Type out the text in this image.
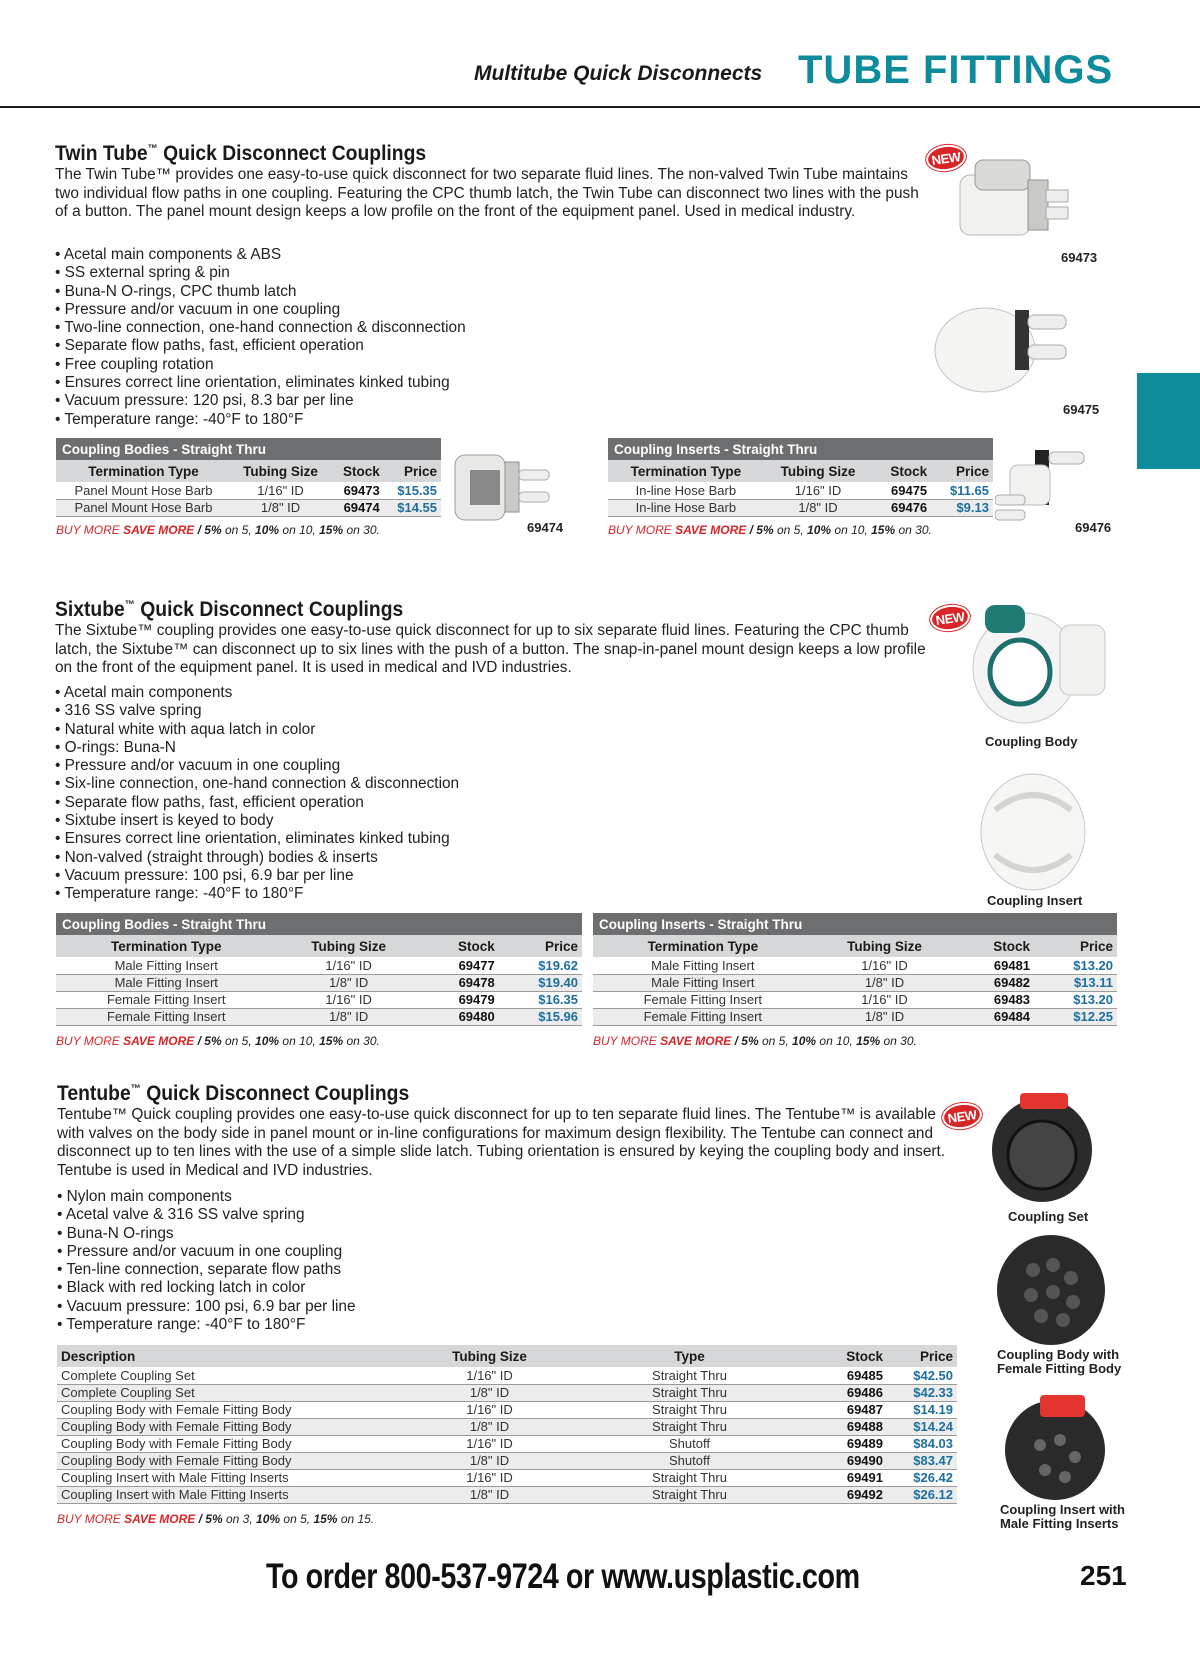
Multitube Quick Disconnects TUBE FITTINGS
Twin Tube™ Quick Disconnect Couplings
The Twin Tube™ provides one easy-to-use quick disconnect for two separate fluid lines. The non-valved Twin Tube maintains two individual flow paths in one coupling. Featuring the CPC thumb latch, the Twin Tube can disconnect two lines with the push of a button. The panel mount design keeps a low profile on the front of the equipment panel. Used in medical industry.
• Acetal main components & ABS
• SS external spring & pin
• Buna-N O-rings, CPC thumb latch
• Pressure and/or vacuum in one coupling
• Two-line connection, one-hand connection & disconnection
• Separate flow paths, fast, efficient operation
• Free coupling rotation
• Ensures correct line orientation, eliminates kinked tubing
• Vacuum pressure: 120 psi, 8.3 bar per line
• Temperature range: -40°F to 180°F
NEW
69473
69475
69474	69476
Coupling Bodies - Straight Thru
Termination Type	Tubing Size	Stock	Price
Panel Mount Hose Barb	1/16" ID	69473	$15.35
Panel Mount Hose Barb	1/8" ID	69474	$14.55
BUY MORE SAVE MORE / 5% on 5, 10% on 10, 15% on 30.
Coupling Inserts - Straight Thru
Termination Type	Tubing Size	Stock	Price
In-line Hose Barb	1/16" ID	69475	$11.65
In-line Hose Barb	1/8" ID	69476	$9.13
BUY MORE SAVE MORE / 5% on 5, 10% on 10, 15% on 30.
Sixtube™ Quick Disconnect Couplings
The Sixtube™ coupling provides one easy-to-use quick disconnect for up to six separate fluid lines. Featuring the CPC thumb latch, the Sixtube™ can disconnect up to six lines with the push of a button. The snap-in-panel mount design keeps a low profile on the front of the equipment panel. It is used in medical and IVD industries.
• Acetal main components
• 316 SS valve spring
• Natural white with aqua latch in color
• O-rings: Buna-N
• Pressure and/or vacuum in one coupling
• Six-line connection, one-hand connection & disconnection
• Separate flow paths, fast, efficient operation
• Sixtube insert is keyed to body
• Ensures correct line orientation, eliminates kinked tubing
• Non-valved (straight through) bodies & inserts
• Vacuum pressure: 100 psi, 6.9 bar per line
• Temperature range: -40°F to 180°F
NEW
Coupling Body
Coupling Insert
Coupling Bodies - Straight Thru
Termination Type	Tubing Size	Stock	Price
Male Fitting Insert	1/16" ID	69477	$19.62
Male Fitting Insert	1/8" ID	69478	$19.40
Female Fitting Insert	1/16" ID	69479	$16.35
Female Fitting Insert	1/8" ID	69480	$15.96
BUY MORE SAVE MORE / 5% on 5, 10% on 10, 15% on 30.
Coupling Inserts - Straight Thru
Termination Type	Tubing Size	Stock	Price
Male Fitting Insert	1/16" ID	69481	$13.20
Male Fitting Insert	1/8" ID	69482	$13.11
Female Fitting Insert	1/16" ID	69483	$13.20
Female Fitting Insert	1/8" ID	69484	$12.25
BUY MORE SAVE MORE / 5% on 5, 10% on 10, 15% on 30.
Tentube™ Quick Disconnect Couplings
Tentube™ Quick coupling provides one easy-to-use quick disconnect for up to ten separate fluid lines. The Tentube™ is available with valves on the body side in panel mount or in-line configurations for maximum design flexibility. The Tentube can connect and disconnect up to ten lines with the use of a simple slide latch. Tubing orientation is ensured by keying the coupling body and insert. Tentube is used in Medical and IVD industries.
• Nylon main components
• Acetal valve & 316 SS valve spring
• Buna-N O-rings
• Pressure and/or vacuum in one coupling
• Ten-line connection, separate flow paths
• Black with red locking latch in color
• Vacuum pressure: 100 psi, 6.9 bar per line
• Temperature range: -40°F to 180°F
NEW
Coupling Set
Coupling Body with
Female Fitting Body
Coupling Insert with
Male Fitting Inserts
Description	Tubing Size	Type	Stock	Price
Complete Coupling Set	1/16" ID	Straight Thru	69485	$42.50
Complete Coupling Set	1/8" ID	Straight Thru	69486	$42.33
Coupling Body with Female Fitting Body	1/16" ID	Straight Thru	69487	$14.19
Coupling Body with Female Fitting Body	1/8" ID	Straight Thru	69488	$14.24
Coupling Body with Female Fitting Body	1/16" ID	Shutoff	69489	$84.03
Coupling Body with Female Fitting Body	1/8" ID	Shutoff	69490	$83.47
Coupling Insert with Male Fitting Inserts	1/16" ID	Straight Thru	69491	$26.42
Coupling Insert with Male Fitting Inserts	1/8" ID	Straight Thru	69492	$26.12
BUY MORE SAVE MORE / 5% on 3, 10% on 5, 15% on 15.
To order 800-537-9724 or www.usplastic.com	251
